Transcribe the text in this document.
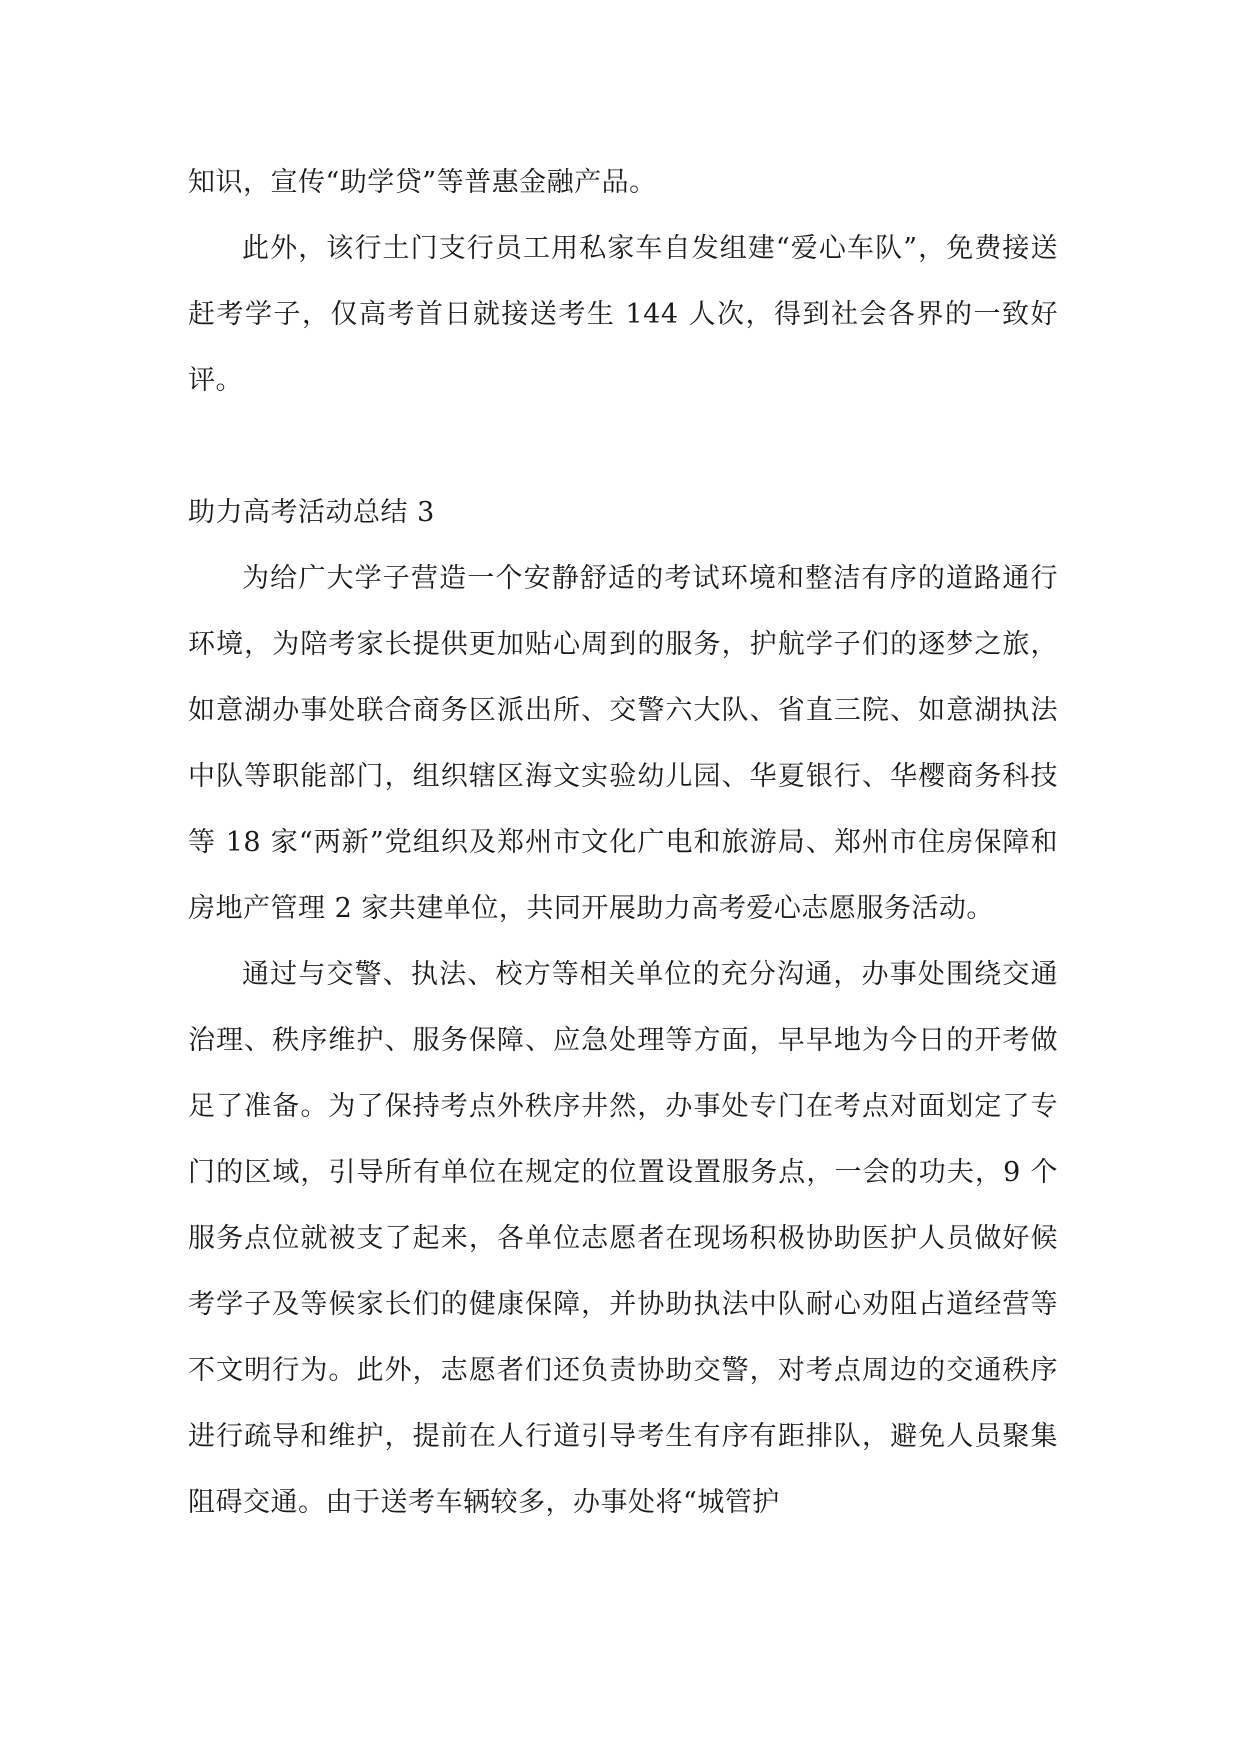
知识，宣传“助学贷”等普惠金融产品。

此外，该行土门支行员工用私家车自发组建“爱心车队”，免费接送赶考学子，仅高考首日就接送考生 144 人次，得到社会各界的一致好评。

助力高考活动总结 3

为给广大学子营造一个安静舒适的考试环境和整洁有序的道路通行环境，为陪考家长提供更加贴心周到的服务，护航学子们的逐梦之旅，如意湖办事处联合商务区派出所、交警六大队、省直三院、如意湖执法中队等职能部门，组织辖区海文实验幼儿园、华夏银行、华樱商务科技等 18 家“两新”党组织及郑州市文化广电和旅游局、郑州市住房保障和房地产管理 2 家共建单位，共同开展助力高考爱心志愿服务活动。

通过与交警、执法、校方等相关单位的充分沟通，办事处围绕交通治理、秩序维护、服务保障、应急处理等方面，早早地为今日的开考做足了准备。为了保持考点外秩序井然，办事处专门在考点对面划定了专门的区域，引导所有单位在规定的位置设置服务点，一会的功夫，9 个服务点位就被支了起来，各单位志愿者在现场积极协助医护人员做好候考学子及等候家长们的健康保障，并协助执法中队耐心劝阻占道经营等不文明行为。此外，志愿者们还负责协助交警，对考点周边的交通秩序进行疏导和维护，提前在人行道引导考生有序有距排队，避免人员聚集阻碍交通。由于送考车辆较多，办事处将“城管护
